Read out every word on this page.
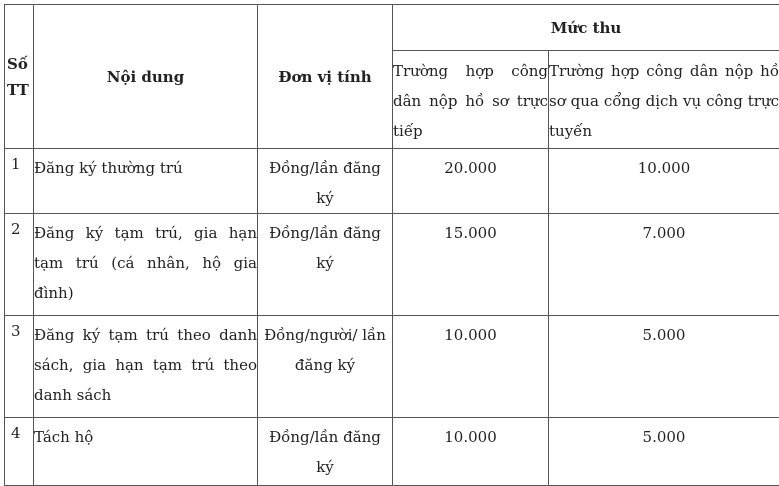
Số TT	Nội dung	Đơn vị tính	Mức thu	
			Trường hợp công dân nộp hồ sơ trực tiếp	Trường hợp công dân nộp hồ sơ qua cổng dịch vụ công trực tuyến
1	Đăng ký thường trú	Đồng/lần đăng ký	20.000	10.000
2	Đăng ký tạm trú, gia hạn tạm trú (cá nhân, hộ gia đình)	Đồng/lần đăng ký	15.000	7.000
3	Đăng ký tạm trú theo danh sách, gia hạn tạm trú theo danh sách	Đồng/người/ lần đăng ký	10.000	5.000
4	Tách hộ	Đồng/lần đăng ký	10.000	5.000
